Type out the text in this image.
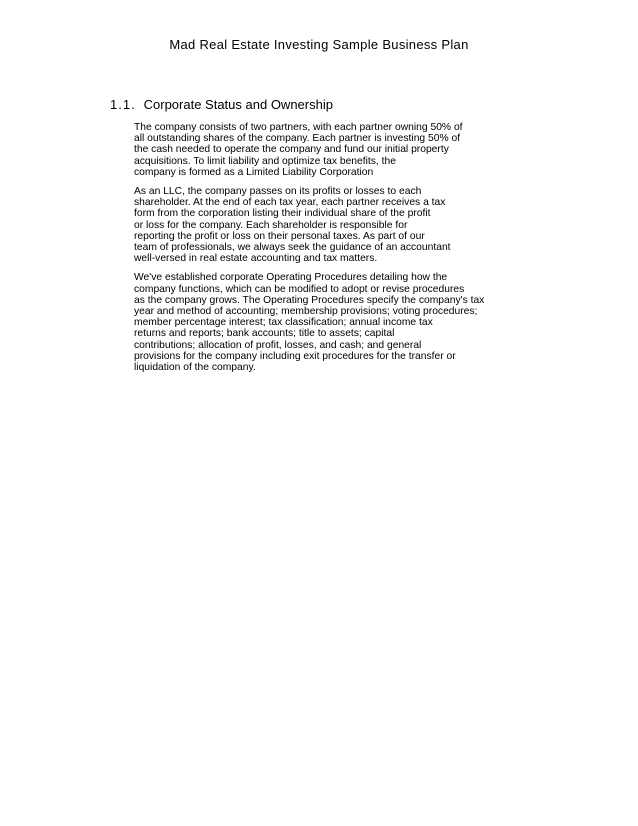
Mad Real Estate Investing Sample Business Plan
1.1. Corporate Status and Ownership
The company consists of two partners, with each partner owning 50% of
all outstanding shares of the company. Each partner is investing 50% of
the cash needed to operate the company and fund our initial property
acquisitions. To limit liability and optimize tax benefits, the
company is formed as a Limited Liability Corporation
As an LLC, the company passes on its profits or losses to each
shareholder. At the end of each tax year, each partner receives a tax
form from the corporation listing their individual share of the profit
or loss for the company. Each shareholder is responsible for
reporting the profit or loss on their personal taxes. As part of our
team of professionals, we always seek the guidance of an accountant
well-versed in real estate accounting and tax matters.
We've established corporate Operating Procedures detailing how the
company functions, which can be modified to adopt or revise procedures
as the company grows. The Operating Procedures specify the company's tax
year and method of accounting; membership provisions; voting procedures;
member percentage interest; tax classification; annual income tax
returns and reports; bank accounts; title to assets; capital
contributions; allocation of profit, losses, and cash; and general
provisions for the company including exit procedures for the transfer or
liquidation of the company.
